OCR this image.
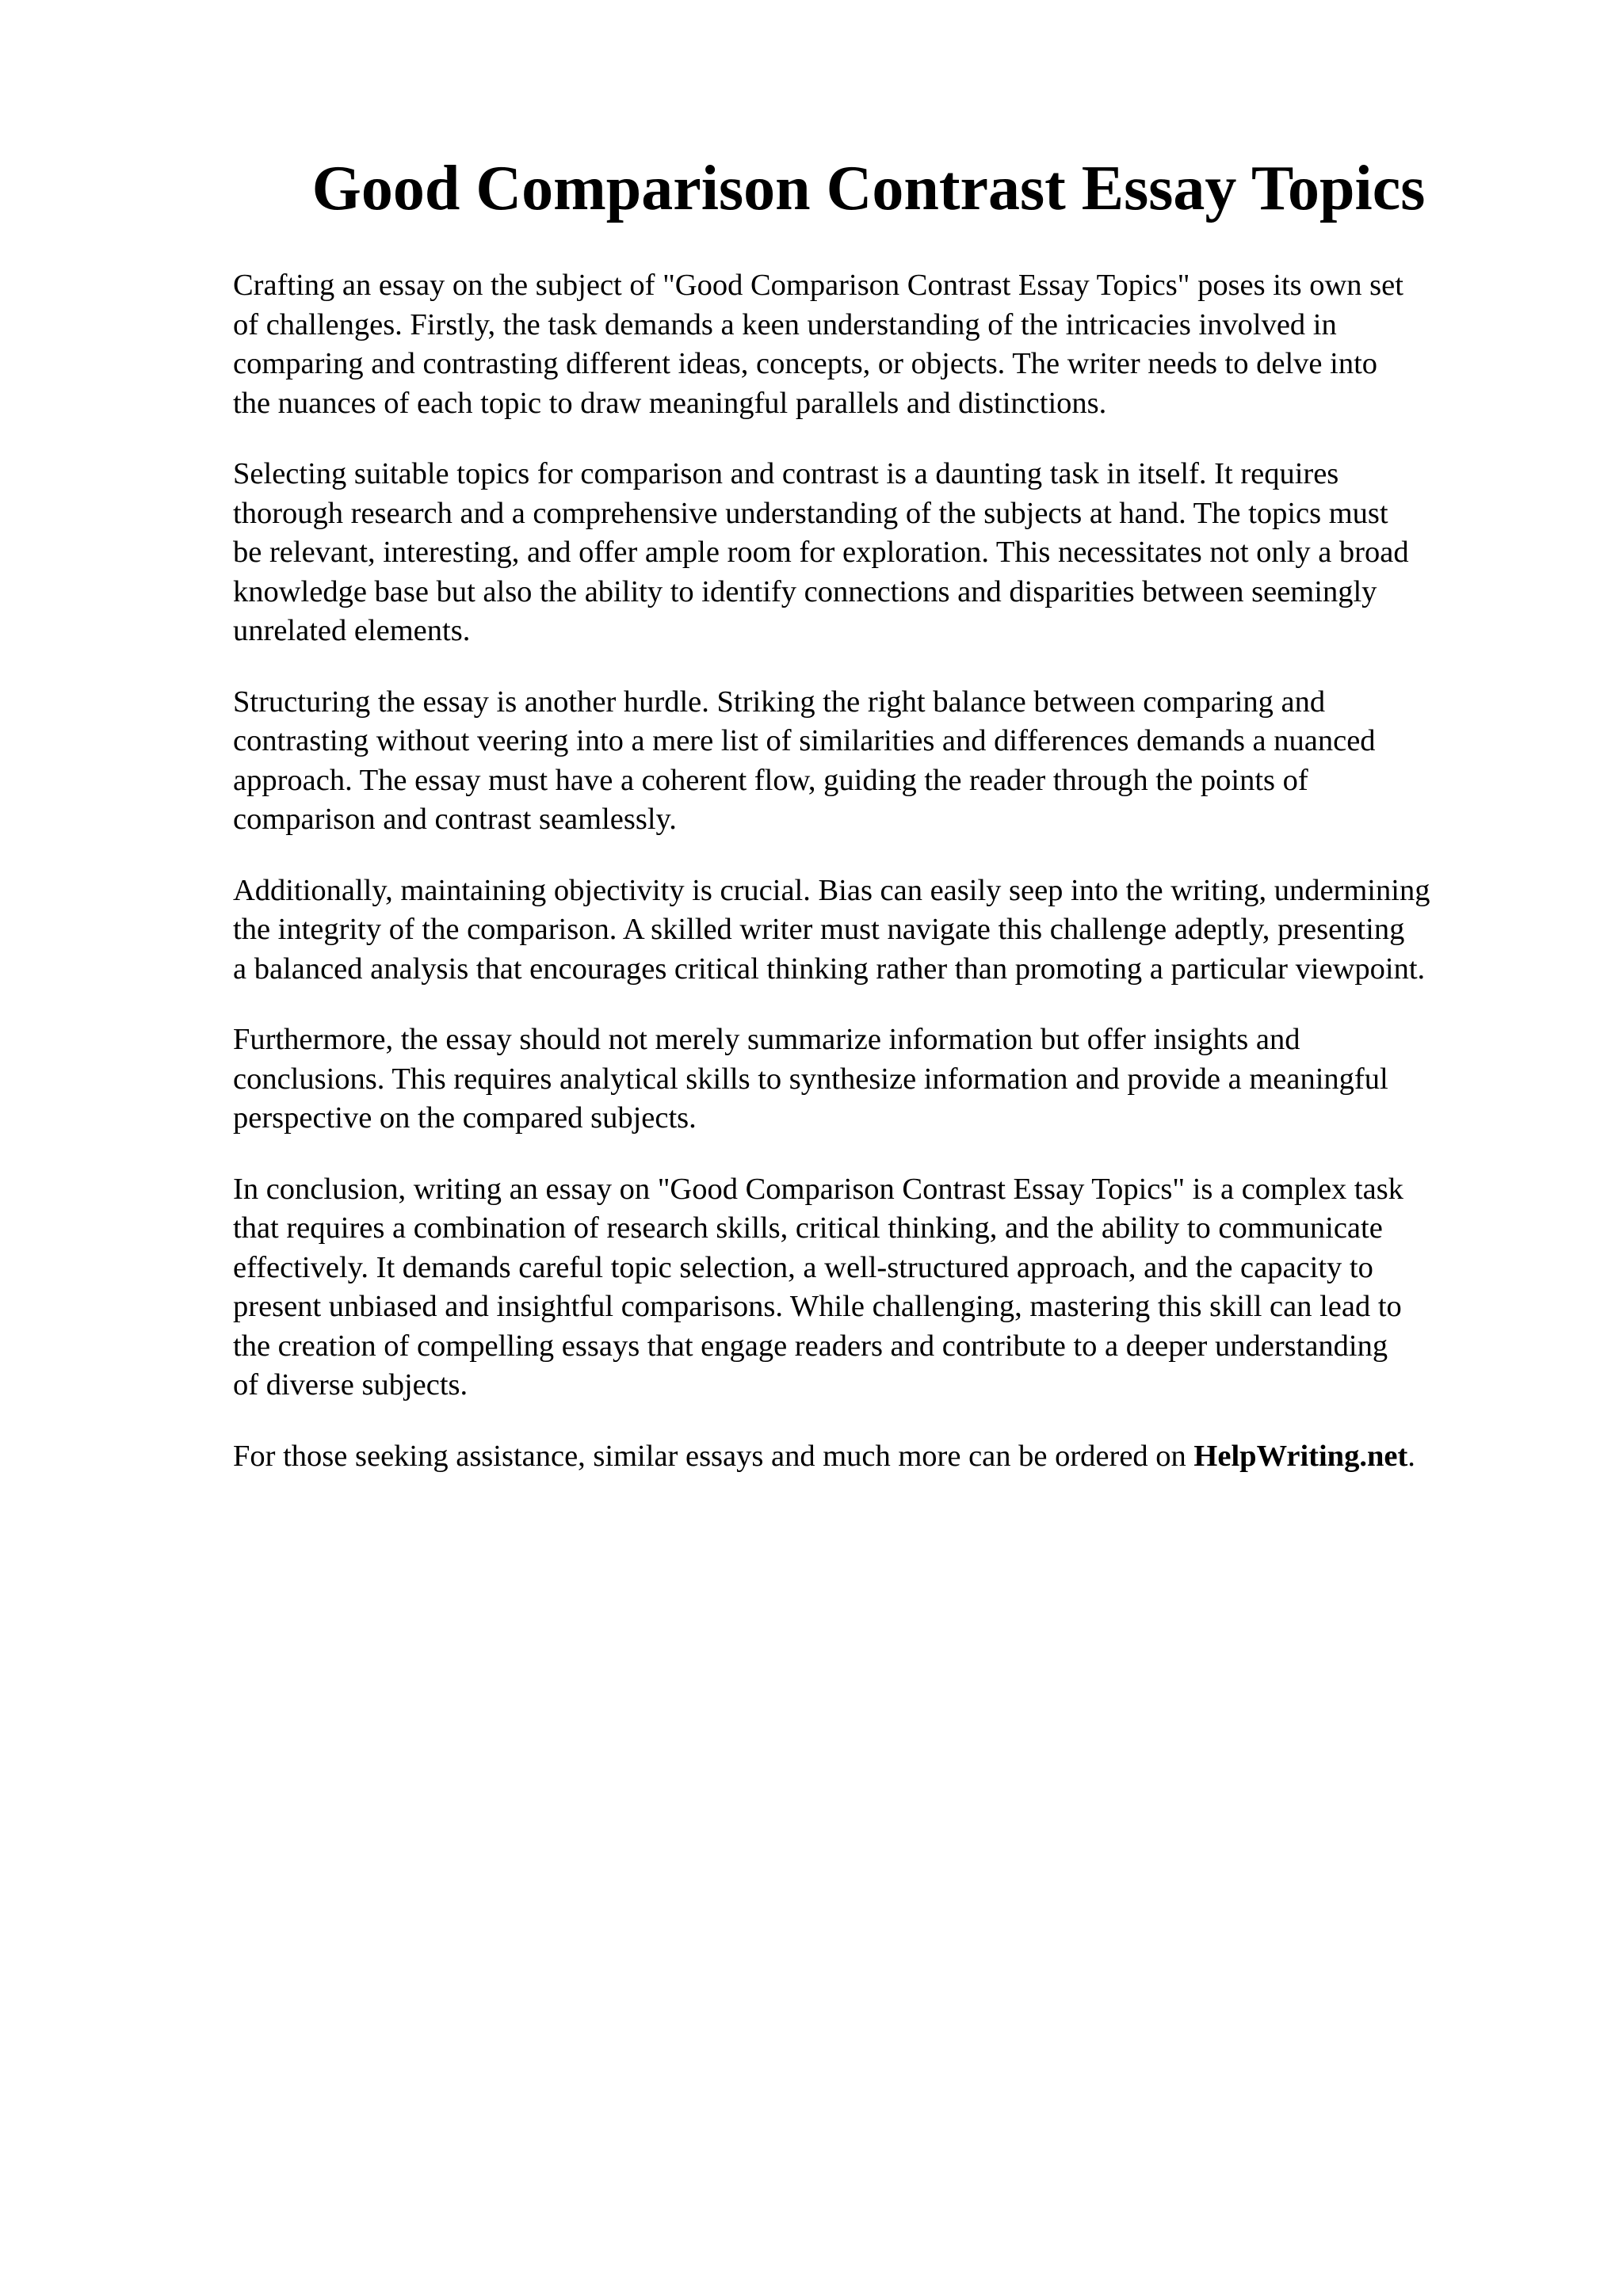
Good Comparison Contrast Essay Topics

Crafting an essay on the subject of "Good Comparison Contrast Essay Topics" poses its own set
of challenges. Firstly, the task demands a keen understanding of the intricacies involved in
comparing and contrasting different ideas, concepts, or objects. The writer needs to delve into
the nuances of each topic to draw meaningful parallels and distinctions.

Selecting suitable topics for comparison and contrast is a daunting task in itself. It requires
thorough research and a comprehensive understanding of the subjects at hand. The topics must
be relevant, interesting, and offer ample room for exploration. This necessitates not only a broad
knowledge base but also the ability to identify connections and disparities between seemingly
unrelated elements.

Structuring the essay is another hurdle. Striking the right balance between comparing and
contrasting without veering into a mere list of similarities and differences demands a nuanced
approach. The essay must have a coherent flow, guiding the reader through the points of
comparison and contrast seamlessly.

Additionally, maintaining objectivity is crucial. Bias can easily seep into the writing, undermining
the integrity of the comparison. A skilled writer must navigate this challenge adeptly, presenting
a balanced analysis that encourages critical thinking rather than promoting a particular viewpoint.

Furthermore, the essay should not merely summarize information but offer insights and
conclusions. This requires analytical skills to synthesize information and provide a meaningful
perspective on the compared subjects.

In conclusion, writing an essay on "Good Comparison Contrast Essay Topics" is a complex task
that requires a combination of research skills, critical thinking, and the ability to communicate
effectively. It demands careful topic selection, a well-structured approach, and the capacity to
present unbiased and insightful comparisons. While challenging, mastering this skill can lead to
the creation of compelling essays that engage readers and contribute to a deeper understanding
of diverse subjects.

For those seeking assistance, similar essays and much more can be ordered on HelpWriting.net.
